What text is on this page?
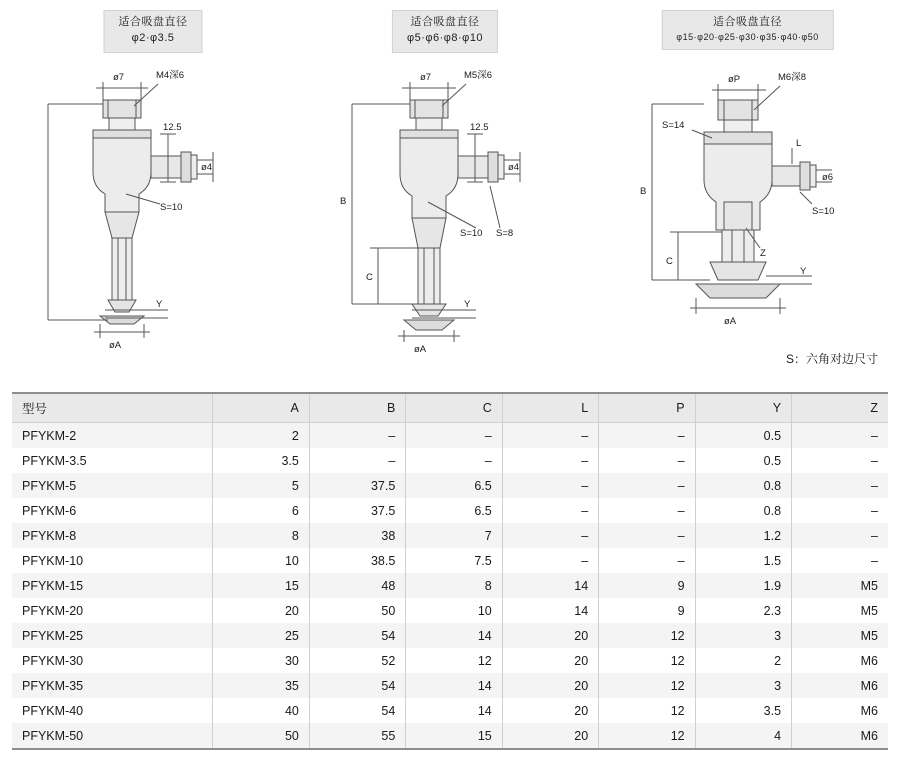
适合吸盘直径
φ2·φ3.5
ø7	M4深6
12.5
ø4
S=10
Y
øA
适合吸盘直径
φ5·φ6·φ8·φ10
ø7	M5深6
12.5
ø4
S=10 S=8
B
C
Y
øA
适合吸盘直径
φ15·φ20·φ25·φ30·φ35·φ40·φ50
øP	M6深8
S=14
L
ø6
S=10
Z
B
C
Y
øA
S：六角对边尺寸
型号	A	B	C	L	P	Y	Z
PFYKM-2	2	–	–	–	–	0.5	–
PFYKM-3.5	3.5	–	–	–	–	0.5	–
PFYKM-5	5	37.5	6.5	–	–	0.8	–
PFYKM-6	6	37.5	6.5	–	–	0.8	–
PFYKM-8	8	38	7	–	–	1.2	–
PFYKM-10	10	38.5	7.5	–	–	1.5	–
PFYKM-15	15	48	8	14	9	1.9	M5
PFYKM-20	20	50	10	14	9	2.3	M5
PFYKM-25	25	54	14	20	12	3	M5
PFYKM-30	30	52	12	20	12	2	M6
PFYKM-35	35	54	14	20	12	3	M6
PFYKM-40	40	54	14	20	12	3.5	M6
PFYKM-50	50	55	15	20	12	4	M6
